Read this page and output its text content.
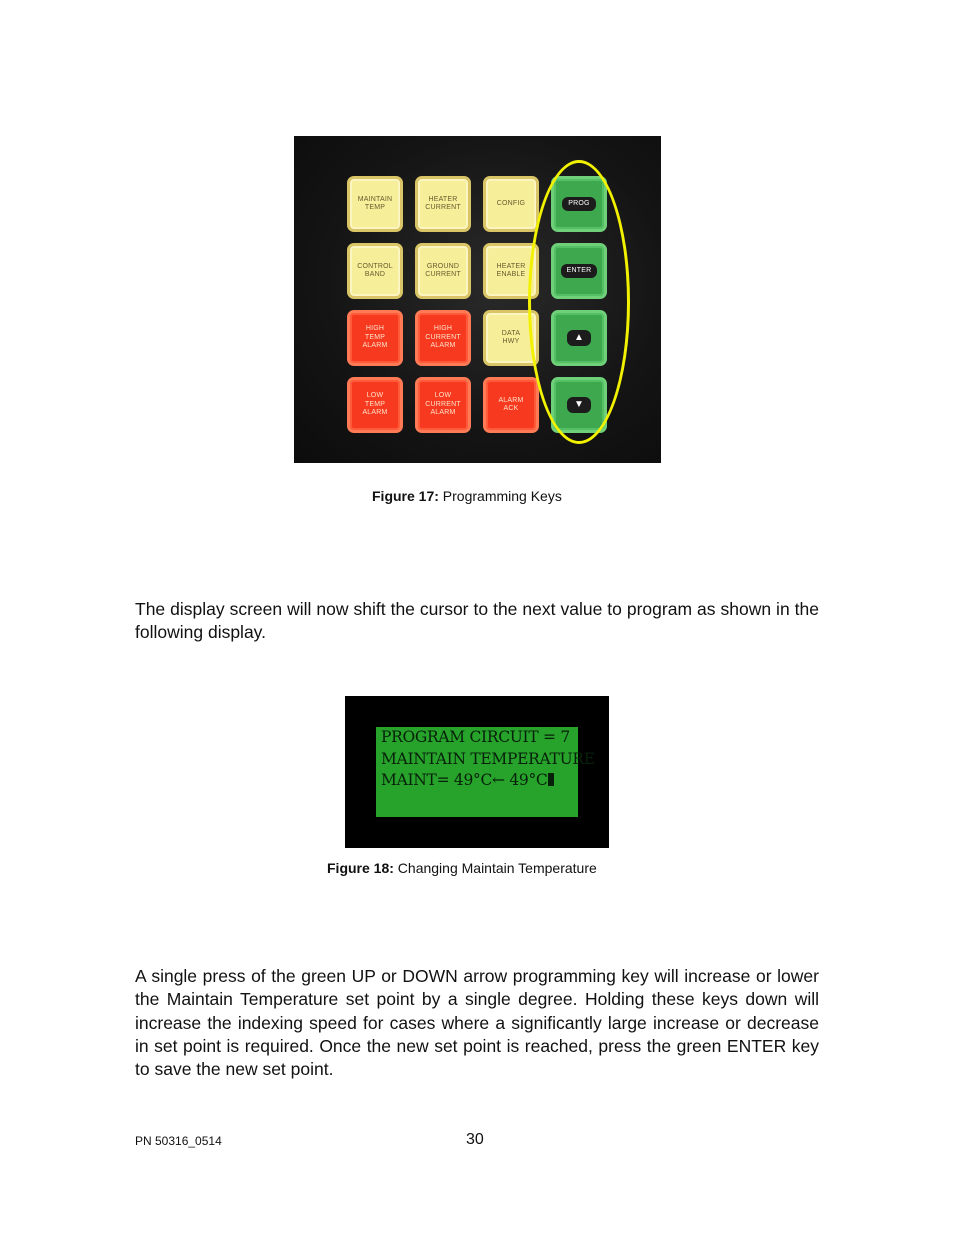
MAINTAIN
TEMP
HEATER
CURRENT
CONFIG	PROG
CONTROL
BAND
GROUND
CURRENT
HEATER
ENABLE
ENTER
HIGH
TEMP
ALARM
HIGH
CURRENT
ALARM
DATA
HWY	▲
LOW
TEMP
ALARM
LOW
CURRENT
ALARM
ALARM
ACK	▼
Figure 17: Programming Keys
The display screen will now shift the cursor to the next value to program as shown in the following display.
PROGRAM CIRCUIT = 7
MAINTAIN TEMPERATURE
MAINT= 49°C← 49°C
Figure 18: Changing Maintain Temperature
A single press of the green UP or DOWN arrow programming key will increase or lower the Maintain Temperature set point by a single degree. Holding these keys down will increase the indexing speed for cases where a significantly large increase or decrease in set point is required. Once the new set point is reached, press the green ENTER key to save the new set point.
PN 50316_0514	30
